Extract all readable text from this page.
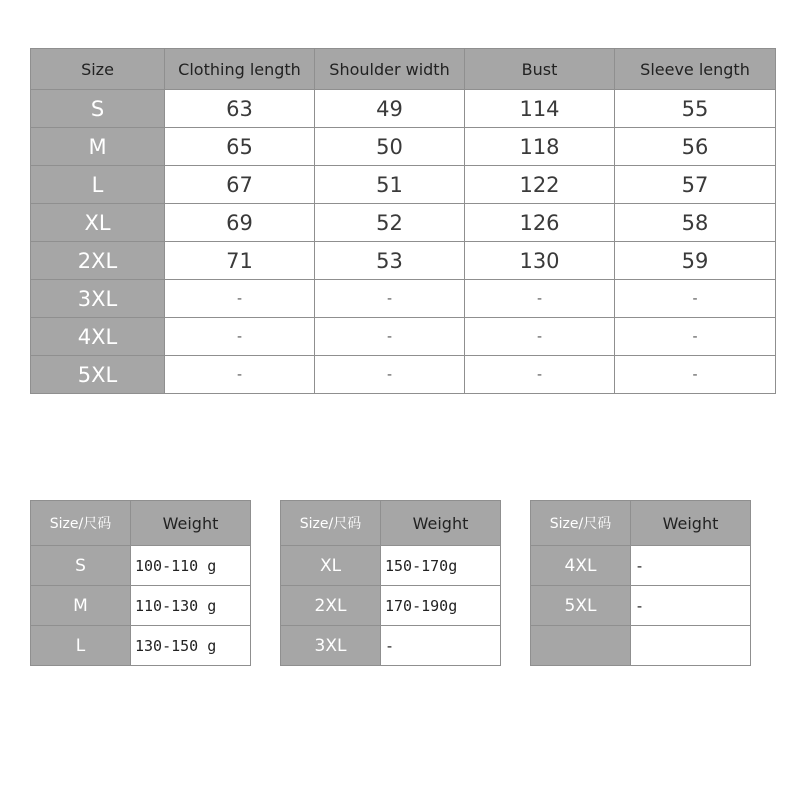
Size	Clothing length	Shoulder width	Bust	Sleeve length
S	63	49	114	55
M	65	50	118	56
L	67	51	122	57
XL	69	52	126	58
2XL	71	53	130	59
3XL	-	-	-	-
4XL	-	-	-	-
5XL	-	-	-	-
Size/尺码	Weight
S	100-110 g
M	110-130 g
L	130-150 g
Size/尺码	Weight
XL	150-170g
2XL	170-190g
3XL	-
Size/尺码	Weight
4XL	-
5XL	-
